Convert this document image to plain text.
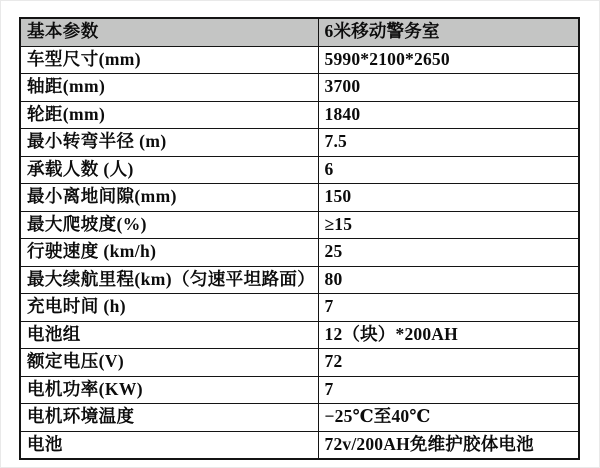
基本参数	6米移动警务室
车型尺寸(mm)	5990*2100*2650
轴距(mm)	3700
轮距(mm)	1840
最小转弯半径 (m)	7.5
承载人数 (人)	6
最小离地间隙(mm)	150
最大爬坡度(%)	≥15
行驶速度 (km/h)	25
最大续航里程(km)（匀速平坦路面）	80
充电时间 (h)	7
电池组	12（块）*200AH
额定电压(V)	72
电机功率(KW)	7
电机环境温度	−25℃至40℃
电池	72v/200AH免维护胶体电池
